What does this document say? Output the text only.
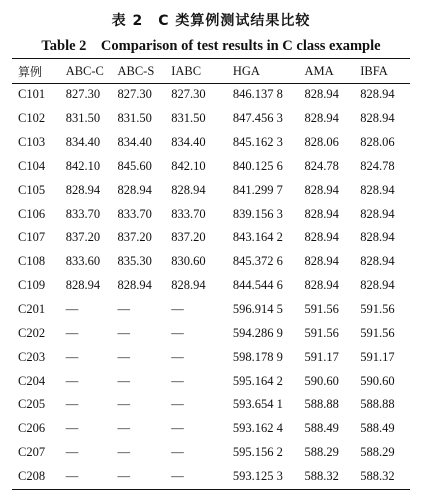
表 2　C 类算例测试结果比较
Table 2　Comparison of test results in C class example
算例	ABC-C	ABC-S	IABC	HGA	AMA	IBFA
C101	827.30	827.30	827.30	846.137 8	828.94	828.94
C102	831.50	831.50	831.50	847.456 3	828.94	828.94
C103	834.40	834.40	834.40	845.162 3	828.06	828.06
C104	842.10	845.60	842.10	840.125 6	824.78	824.78
C105	828.94	828.94	828.94	841.299 7	828.94	828.94
C106	833.70	833.70	833.70	839.156 3	828.94	828.94
C107	837.20	837.20	837.20	843.164 2	828.94	828.94
C108	833.60	835.30	830.60	845.372 6	828.94	828.94
C109	828.94	828.94	828.94	844.544 6	828.94	828.94
C201	—	—	—	596.914 5	591.56	591.56
C202	—	—	—	594.286 9	591.56	591.56
C203	—	—	—	598.178 9	591.17	591.17
C204	—	—	—	595.164 2	590.60	590.60
C205	—	—	—	593.654 1	588.88	588.88
C206	—	—	—	593.162 4	588.49	588.49
C207	—	—	—	595.156 2	588.29	588.29
C208	—	—	—	593.125 3	588.32	588.32
